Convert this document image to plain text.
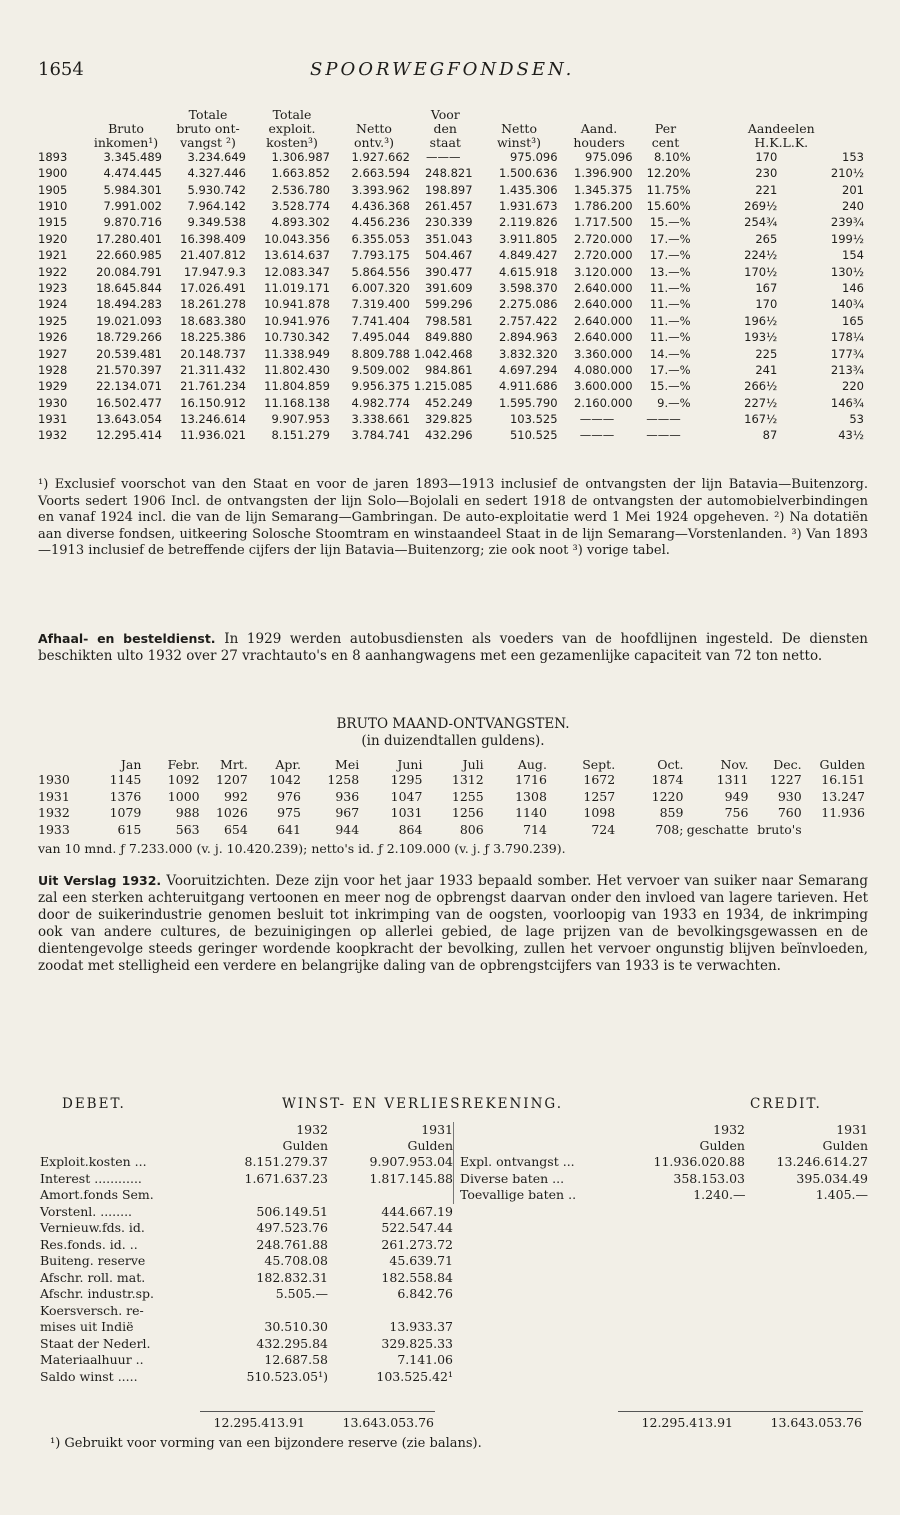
1654	SPOORWEGFONDSEN.
		Totale	Totale		Voor					
	Bruto	bruto ont-	exploit.	Netto	den	Netto	Aand.	Per	Aandeelen	
	inkomen¹)	vangst ²)	kosten³)	ontv.³)	staat	winst³)	houders	cent	H.K.L.K.	
1893	3.345.489	3.234.649	1.306.987	1.927.662	———	975.096	975.096	8.10%	170	153
1900	4.474.445	4.327.446	1.663.852	2.663.594	248.821	1.500.636	1.396.900	12.20%	230	210½
1905	5.984.301	5.930.742	2.536.780	3.393.962	198.897	1.435.306	1.345.375	11.75%	221	201
1910	7.991.002	7.964.142	3.528.774	4.436.368	261.457	1.931.673	1.786.200	15.60%	269½	240
1915	9.870.716	9.349.538	4.893.302	4.456.236	230.339	2.119.826	1.717.500	15.—%	254¾	239¾
1920	17.280.401	16.398.409	10.043.356	6.355.053	351.043	3.911.805	2.720.000	17.—%	265	199½
1921	22.660.985	21.407.812	13.614.637	7.793.175	504.467	4.849.427	2.720.000	17.—%	224½	154
1922	20.084.791	17.947.9.3	12.083.347	5.864.556	390.477	4.615.918	3.120.000	13.—%	170½	130½
1923	18.645.844	17.026.491	11.019.171	6.007.320	391.609	3.598.370	2.640.000	11.—%	167	146
1924	18.494.283	18.261.278	10.941.878	7.319.400	599.296	2.275.086	2.640.000	11.—%	170	140¾
1925	19.021.093	18.683.380	10.941.976	7.741.404	798.581	2.757.422	2.640.000	11.—%	196½	165
1926	18.729.266	18.225.386	10.730.342	7.495.044	849.880	2.894.963	2.640.000	11.—%	193½	178¼
1927	20.539.481	20.148.737	11.338.949	8.809.788	1.042.468	3.832.320	3.360.000	14.—%	225	177¾
1928	21.570.397	21.311.432	11.802.430	9.509.002	984.861	4.697.294	4.080.000	17.—%	241	213¾
1929	22.134.071	21.761.234	11.804.859	9.956.375	1.215.085	4.911.686	3.600.000	15.—%	266½	220
1930	16.502.477	16.150.912	11.168.138	4.982.774	452.249	1.595.790	2.160.000	9.—%	227½	146¾
1931	13.643.054	13.246.614	9.907.953	3.338.661	329.825	103.525	———	———	167½	53
1932	12.295.414	11.936.021	8.151.279	3.784.741	432.296	510.525	———	———	87	43½
¹) Exclusief voorschot van den Staat en voor de jaren 1893—1913 inclusief de ontvangsten der lijn Batavia—Buitenzorg. Voorts sedert 1906 Incl. de ontvangsten der lijn Solo—Bojolali en sedert 1918 de ontvangsten der automobielverbindingen en vanaf 1924 incl. die van de lijn Semarang—Gambringan. De auto-exploitatie werd 1 Mei 1924 opgeheven. ²) Na dotatiën aan diverse fondsen, uitkeering Solosche Stoomtram en winstaandeel Staat in de lijn Semarang—Vorstenlanden. ³) Van 1893—1913 inclusief de betreffende cijfers der lijn Batavia—Buitenzorg; zie ook noot ³) vorige tabel.
Afhaal- en besteldienst. In 1929 werden autobusdiensten als voeders van de hoofdlijnen ingesteld. De diensten beschikten ulto 1932 over 27 vrachtauto's en 8 aanhangwagens met een gezamenlijke capaciteit van 72 ton netto.
BRUTO MAAND-ONTVANGSTEN.
(in duizendtallen guldens).
	Jan	Febr.	Mrt.	Apr.	Mei	Juni	Juli	Aug.	Sept.	Oct.	Nov.	Dec.	Gulden
1930	1145	1092	1207	1042	1258	1295	1312	1716	1672	1874	1311	1227	16.151
1931	1376	1000	992	976	936	1047	1255	1308	1257	1220	949	930	13.247
1932	1079	988	1026	975	967	1031	1256	1140	1098	859	756	760	11.936
1933	615	563	654	641	944	864	806	714	724	708;	geschatte	bruto's	
van 10 mnd. ƒ 7.233.000 (v. j. 10.420.239); netto's id. ƒ 2.109.000 (v. j. ƒ 3.790.239).
Uit Verslag 1932. Vooruitzichten. Deze zijn voor het jaar 1933 bepaald somber. Het vervoer van suiker naar Semarang zal een sterken achteruitgang vertoonen en meer nog de opbrengst daarvan onder den invloed van lagere tarieven. Het door de suikerindustrie genomen besluit tot inkrimping van de oogsten, voorloopig van 1933 en 1934, de inkrimping ook van andere cultures, de bezuinigingen op allerlei gebied, de lage prijzen van de bevolkingsgewassen en de dientengevolge steeds geringer wordende koopkracht der bevolking, zullen het vervoer ongunstig blijven beïnvloeden, zoodat met stelligheid een verdere en belangrijke daling van de opbrengstcijfers van 1933 is te verwachten.
DEBET.	WINST- EN VERLIESREKENING.	CREDIT.
	1932	1931
	Gulden	Gulden
Exploit.kosten ...	8.151.279.37	9.907.953.04
Interest ............	1.671.637.23	1.817.145.88
Amort.fonds Sem.		
Vorstenl. ........	506.149.51	444.667.19
Vernieuw.fds. id.	497.523.76	522.547.44
Res.fonds. id. ..	248.761.88	261.273.72
Buiteng. reserve	45.708.08	45.639.71
Afschr. roll. mat.	182.832.31	182.558.84
Afschr. industr.sp.	5.505.—	6.842.76
Koersversch. re-		
mises uit Indië	30.510.30	13.933.37
Staat der Nederl.	432.295.84	329.825.33
Materiaalhuur ..	12.687.58	7.141.06
Saldo winst .....	510.523.05¹)	103.525.42¹
	1932	1931
	Gulden	Gulden
Expl. ontvangst ...	11.936.020.88	13.246.614.27
Diverse baten ...	358.153.03	395.034.49
Toevallige baten ..	1.240.—	1.405.—
12.295.413.91	13.643.053.76	12.295.413.91	13.643.053.76
¹) Gebruikt voor vorming van een bijzondere reserve (zie balans).
